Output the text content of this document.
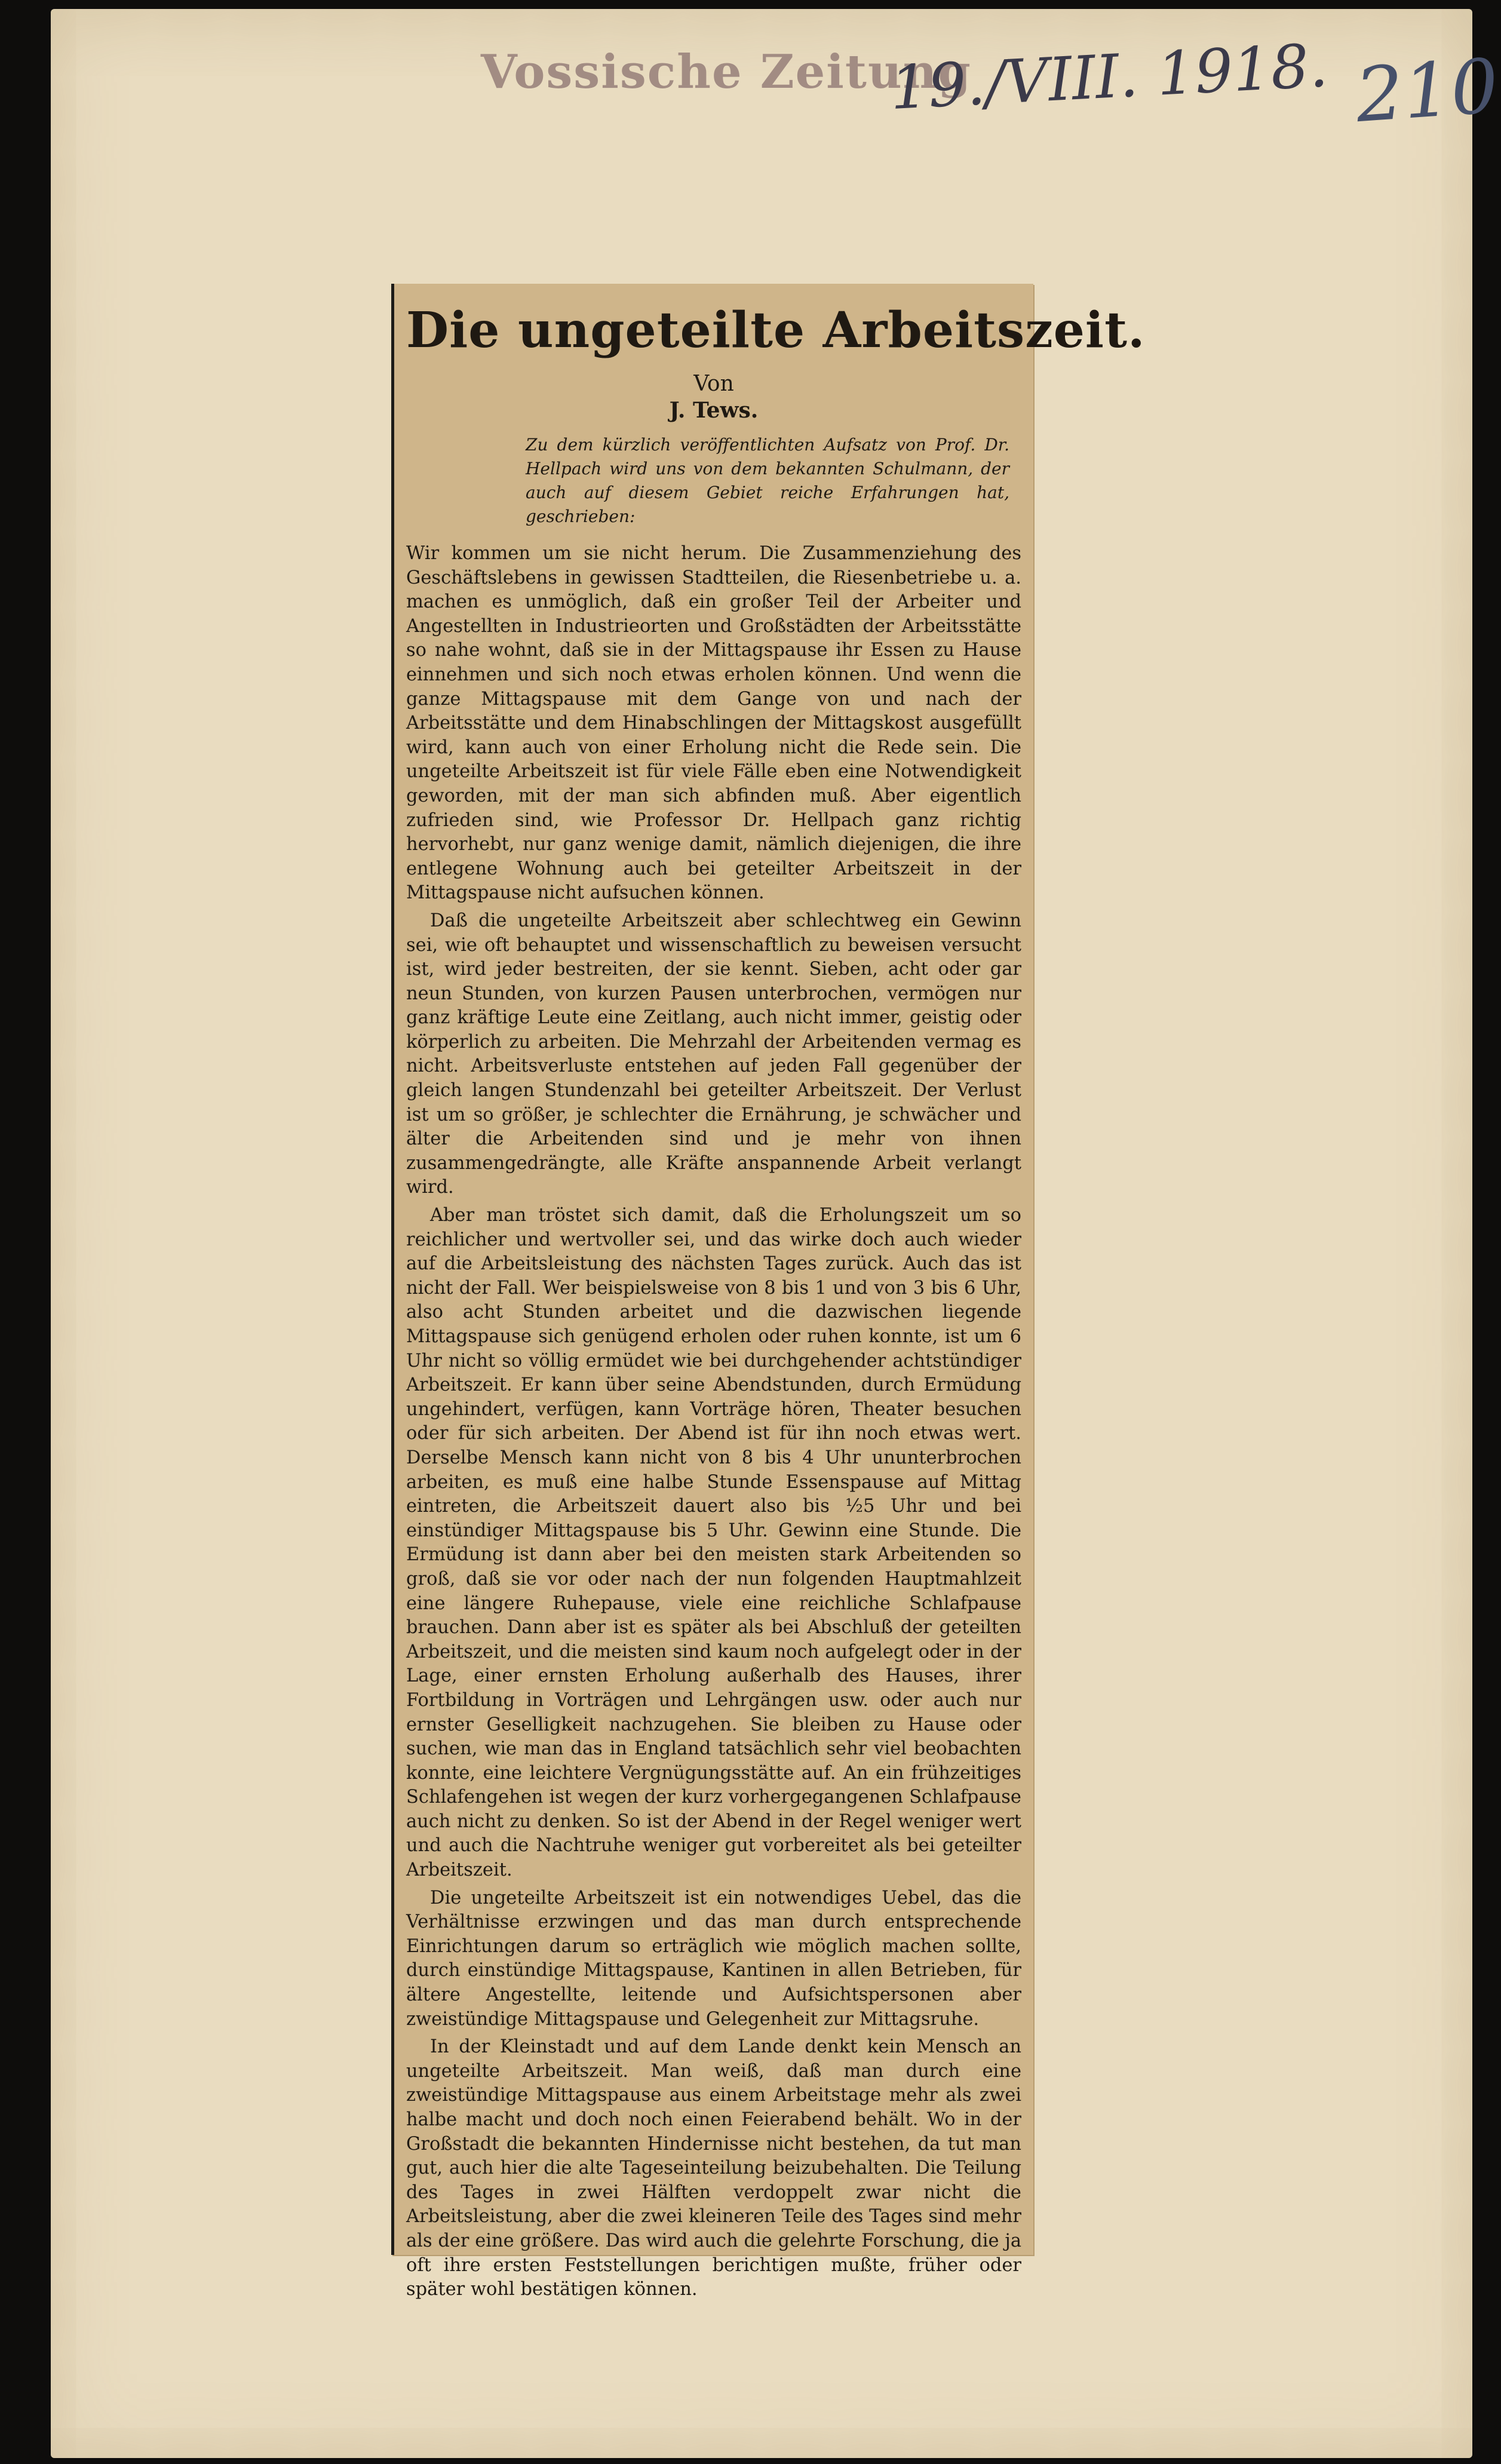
Vossische Zeitung
19./VIII. 1918. 210
Die ungeteilte Arbeitszeit.
Von
J. Tews.
Zu dem kürzlich veröffentlichten Aufsatz von Prof. Dr. Hellpach wird uns von dem bekannten Schulmann, der auch auf diesem Gebiet reiche Erfahrungen hat, geschrieben:

Wir kommen um sie nicht herum. Die Zusammenziehung des Geschäftslebens in gewissen Stadtteilen, die Riesenbetriebe u. a. machen es unmöglich, daß ein großer Teil der Arbeiter und Angestellten in Industrieorten und Großstädten der Arbeitsstätte so nahe wohnt, daß sie in der Mittagspause ihr Essen zu Hause einnehmen und sich noch etwas erholen können. Und wenn die ganze Mittagspause mit dem Gange von und nach der Arbeitsstätte und dem Hinabschlingen der Mittagskost ausgefüllt wird, kann auch von einer Erholung nicht die Rede sein. Die ungeteilte Arbeitszeit ist für viele Fälle eben eine Notwendigkeit geworden, mit der man sich abfinden muß. Aber eigentlich zufrieden sind, wie Professor Dr. Hellpach ganz richtig hervorhebt, nur ganz wenige damit, nämlich diejenigen, die ihre entlegene Wohnung auch bei geteilter Arbeitszeit in der Mittagspause nicht aufsuchen können.

Daß die ungeteilte Arbeitszeit aber schlechtweg ein Gewinn sei, wie oft behauptet und wissenschaftlich zu beweisen versucht ist, wird jeder bestreiten, der sie kennt. Sieben, acht oder gar neun Stunden, von kurzen Pausen unterbrochen, vermögen nur ganz kräftige Leute eine Zeitlang, auch nicht immer, geistig oder körperlich zu arbeiten. Die Mehrzahl der Arbeitenden vermag es nicht. Arbeitsverluste entstehen auf jeden Fall gegenüber der gleich langen Stundenzahl bei geteilter Arbeitszeit. Der Verlust ist um so größer, je schlechter die Ernährung, je schwächer und älter die Arbeitenden sind und je mehr von ihnen zusammengedrängte, alle Kräfte anspannende Arbeit verlangt wird.

Aber man tröstet sich damit, daß die Erholungszeit um so reichlicher und wertvoller sei, und das wirke doch auch wieder auf die Arbeitsleistung des nächsten Tages zurück. Auch das ist nicht der Fall. Wer beispielsweise von 8 bis 1 und von 3 bis 6 Uhr, also acht Stunden arbeitet und die dazwischen liegende Mittagspause sich genügend erholen oder ruhen konnte, ist um 6 Uhr nicht so völlig ermüdet wie bei durchgehender achtstündiger Arbeitszeit. Er kann über seine Abendstunden, durch Ermüdung ungehindert, verfügen, kann Vorträge hören, Theater besuchen oder für sich arbeiten. Der Abend ist für ihn noch etwas wert. Derselbe Mensch kann nicht von 8 bis 4 Uhr ununterbrochen arbeiten, es muß eine halbe Stunde Essenspause auf Mittag eintreten, die Arbeitszeit dauert also bis ½5 Uhr und bei einstündiger Mittagspause bis 5 Uhr. Gewinn eine Stunde. Die Ermüdung ist dann aber bei den meisten stark Arbeitenden so groß, daß sie vor oder nach der nun folgenden Hauptmahlzeit eine längere Ruhepause, viele eine reichliche Schlafpause brauchen. Dann aber ist es später als bei Abschluß der geteilten Arbeitszeit, und die meisten sind kaum noch aufgelegt oder in der Lage, einer ernsten Erholung außerhalb des Hauses, ihrer Fortbildung in Vorträgen und Lehrgängen usw. oder auch nur ernster Geselligkeit nachzugehen. Sie bleiben zu Hause oder suchen, wie man das in England tatsächlich sehr viel beobachten konnte, eine leichtere Vergnügungsstätte auf. An ein frühzeitiges Schlafengehen ist wegen der kurz vorhergegangenen Schlafpause auch nicht zu denken. So ist der Abend in der Regel weniger wert und auch die Nachtruhe weniger gut vorbereitet als bei geteilter Arbeitszeit.

Die ungeteilte Arbeitszeit ist ein notwendiges Uebel, das die Verhältnisse erzwingen und das man durch entsprechende Einrichtungen darum so erträglich wie möglich machen sollte, durch einstündige Mittagspause, Kantinen in allen Betrieben, für ältere Angestellte, leitende und Aufsichtspersonen aber zweistündige Mittagspause und Gelegenheit zur Mittagsruhe.

In der Kleinstadt und auf dem Lande denkt kein Mensch an ungeteilte Arbeitszeit. Man weiß, daß man durch eine zweistündige Mittagspause aus einem Arbeitstage mehr als zwei halbe macht und doch noch einen Feierabend behält. Wo in der Großstadt die bekannten Hindernisse nicht bestehen, da tut man gut, auch hier die alte Tageseinteilung beizubehalten. Die Teilung des Tages in zwei Hälften verdoppelt zwar nicht die Arbeitsleistung, aber die zwei kleineren Teile des Tages sind mehr als der eine größere. Das wird auch die gelehrte Forschung, die ja oft ihre ersten Feststellungen berichtigen mußte, früher oder später wohl bestätigen können.
